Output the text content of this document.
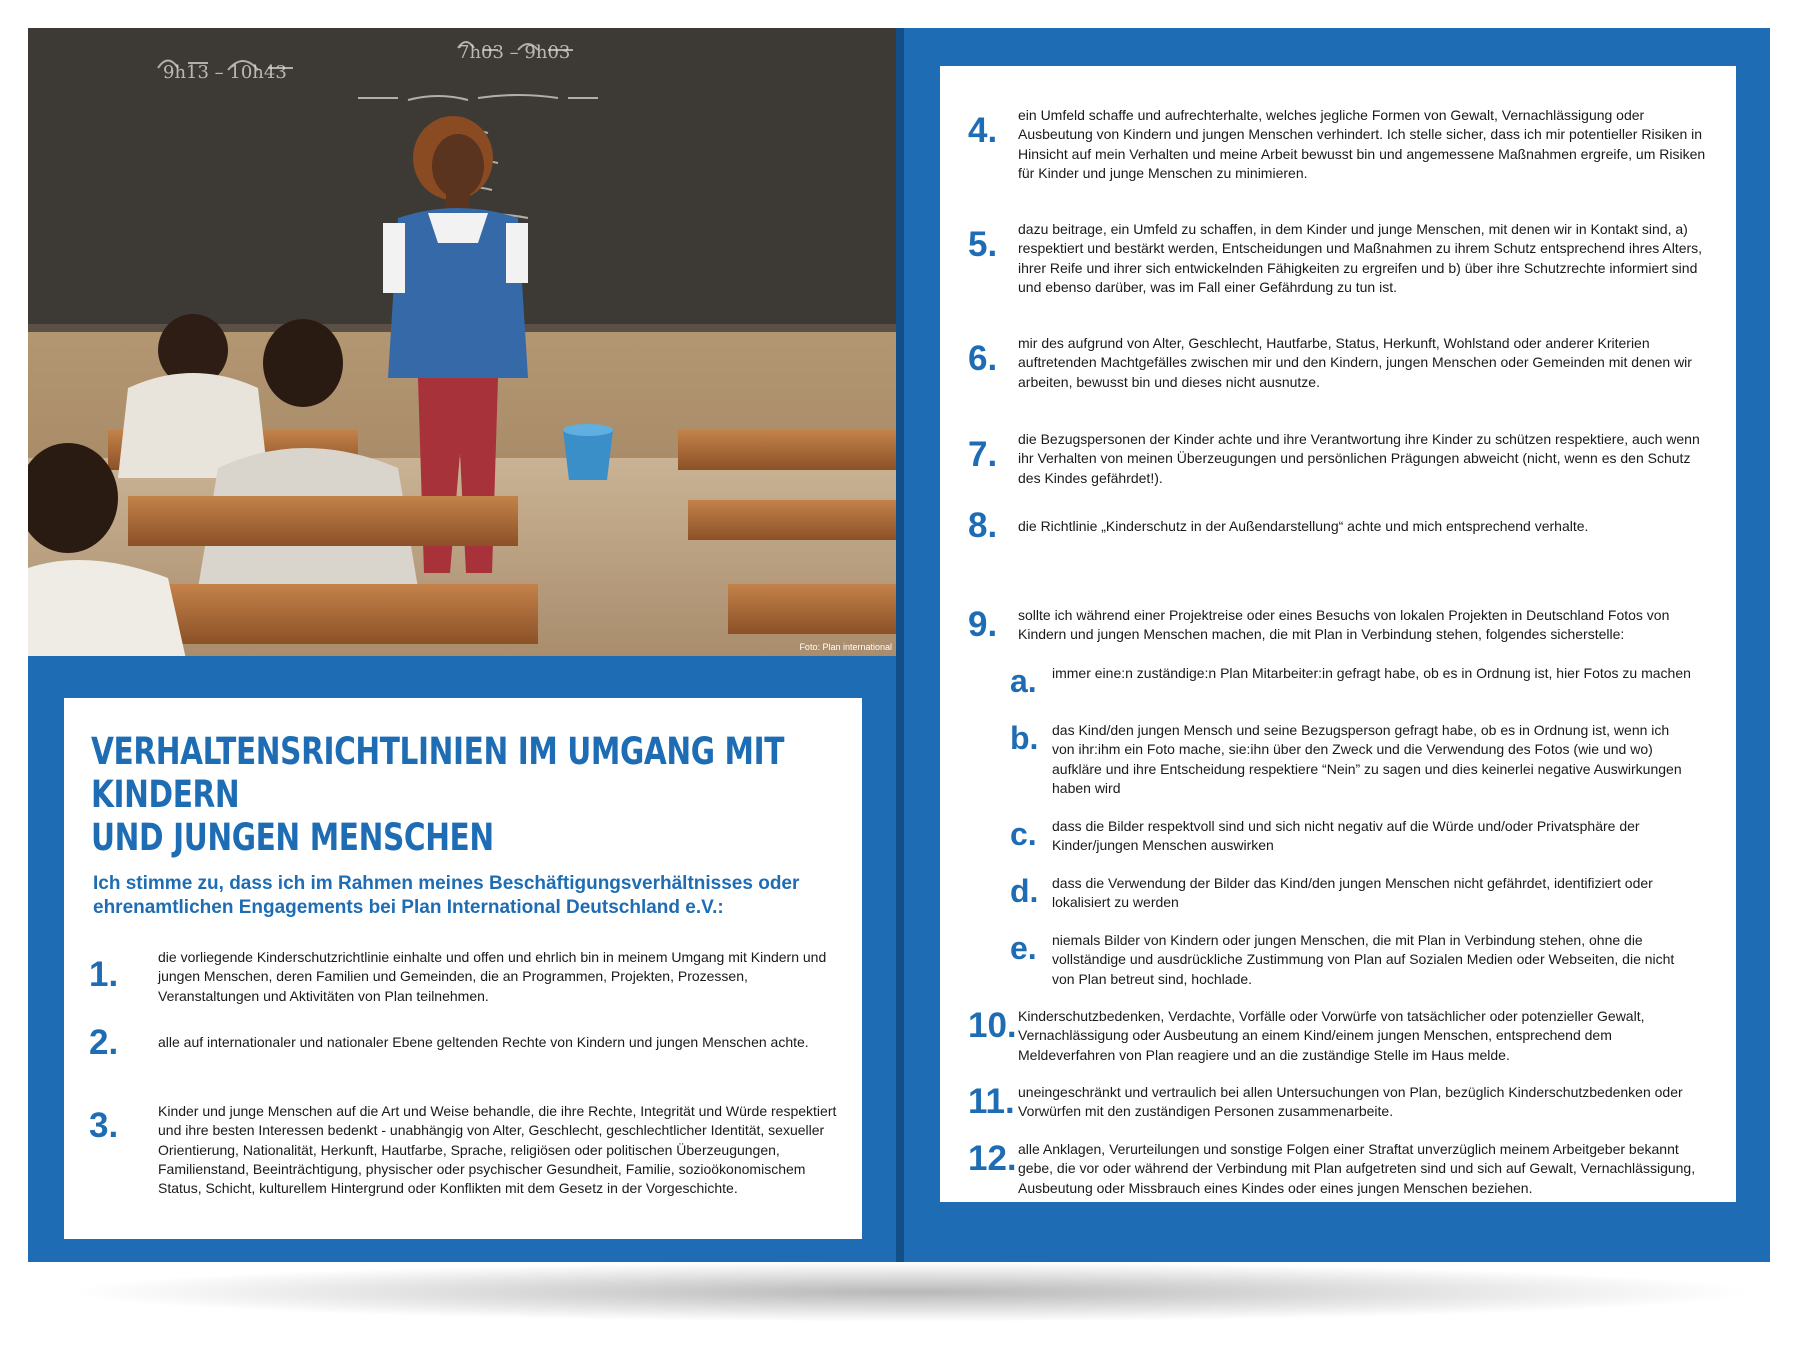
9h13 – 10h43
7h03 – 9h03
Foto: Plan international
VERHALTENSRICHTLINIEN IM UMGANG MIT KINDERN
UND JUNGEN MENSCHEN

Ich stimme zu, dass ich im Rahmen meines Beschäftigungsverhältnisses oder ehrenamtlichen Engagements bei Plan International Deutschland e.V.:

1.	die vorliegende Kinderschutzrichtlinie einhalte und offen und ehrlich bin in meinem Umgang mit Kindern und jungen Menschen, deren Familien und Gemeinden, die an Programmen, Projekten, Prozessen, Veranstaltungen und Aktivitäten von Plan teilnehmen.

2.	alle auf internationaler und nationaler Ebene geltenden Rechte von Kindern und jungen Menschen achte.

3.	Kinder und junge Menschen auf die Art und Weise behandle, die ihre Rechte, Integrität und Würde respektiert und ihre besten Interessen bedenkt - unabhängig von Alter, Geschlecht, geschlechtlicher Identität, sexueller Orientierung, Nationalität, Herkunft, Hautfarbe, Sprache, religiösen oder politischen Überzeugungen, Familienstand, Beeinträchtigung, physischer oder psychischer Gesundheit, Familie, sozioökonomischem Status, Schicht, kulturellem Hintergrund oder Konflikten mit dem Gesetz in der Vorgeschichte.

4. ein Umfeld schaffe und aufrechterhalte, welches jegliche Formen von Gewalt, Vernachlässigung oder Ausbeutung von Kindern und jungen Menschen verhindert. Ich stelle sicher, dass ich mir potentieller Risiken in Hinsicht auf mein Verhalten und meine Arbeit bewusst bin und angemessene Maßnahmen ergreife, um Risiken für Kinder und junge Menschen zu minimieren.

5. dazu beitrage, ein Umfeld zu schaffen, in dem Kinder und junge Menschen, mit denen wir in Kontakt sind, a) respektiert und bestärkt werden, Entscheidungen und Maßnahmen zu ihrem Schutz entsprechend ihres Alters, ihrer Reife und ihrer sich entwickelnden Fähigkeiten zu ergreifen und b) über ihre Schutzrechte informiert sind und ebenso darüber, was im Fall einer Gefährdung zu tun ist.

6. mir des aufgrund von Alter, Geschlecht, Hautfarbe, Status, Herkunft, Wohlstand oder anderer Kriterien auftretenden Machtgefälles zwischen mir und den Kindern, jungen Menschen oder Gemeinden mit denen wir arbeiten, bewusst bin und dieses nicht ausnutze.

7. die Bezugspersonen der Kinder achte und ihre Verantwortung ihre Kinder zu schützen respektiere, auch wenn ihr Verhalten von meinen Überzeugungen und persönlichen Prägungen abweicht (nicht, wenn es den Schutz des Kindes gefährdet!).

8. die Richtlinie „Kinderschutz in der Außendarstellung“ achte und mich entsprechend verhalte.

9. sollte ich während einer Projektreise oder eines Besuchs von lokalen Projekten in Deutschland Fotos von Kindern und jungen Menschen machen, die mit Plan in Verbindung stehen, folgendes sicherstelle:

a. immer eine:n zuständige:n Plan Mitarbeiter:in gefragt habe, ob es in Ordnung ist, hier Fotos zu machen

b. das Kind/den jungen Mensch und seine Bezugsperson gefragt habe, ob es in Ordnung ist, wenn ich von ihr:ihm ein Foto mache, sie:ihn über den Zweck und die Verwendung des Fotos (wie und wo) aufkläre und ihre Entscheidung respektiere “Nein” zu sagen und dies keinerlei negative Auswirkungen haben wird

c. dass die Bilder respektvoll sind und sich nicht negativ auf die Würde und/oder Privatsphäre der Kinder/jungen Menschen auswirken

d. dass die Verwendung der Bilder das Kind/den jungen Menschen nicht gefährdet, identifiziert oder lokalisiert zu werden

e. niemals Bilder von Kindern oder jungen Menschen, die mit Plan in Verbindung stehen, ohne die vollständige und ausdrückliche Zustimmung von Plan auf Sozialen Medien oder Webseiten, die nicht von Plan betreut sind, hochlade.

10. Kinderschutzbedenken, Verdachte, Vorfälle oder Vorwürfe von tatsächlicher oder potenzieller Gewalt, Vernachlässigung oder Ausbeutung an einem Kind/einem jungen Menschen, entsprechend dem Meldeverfahren von Plan reagiere und an die zuständige Stelle im Haus melde.

11. uneingeschränkt und vertraulich bei allen Untersuchungen von Plan, bezüglich Kinderschutzbedenken oder Vorwürfen mit den zuständigen Personen zusammenarbeite.

12. alle Anklagen, Verurteilungen und sonstige Folgen einer Straftat unverzüglich meinem Arbeitgeber bekannt gebe, die vor oder während der Verbindung mit Plan aufgetreten sind und sich auf Gewalt, Vernachlässigung, Ausbeutung oder Missbrauch eines Kindes oder eines jungen Menschen beziehen.
